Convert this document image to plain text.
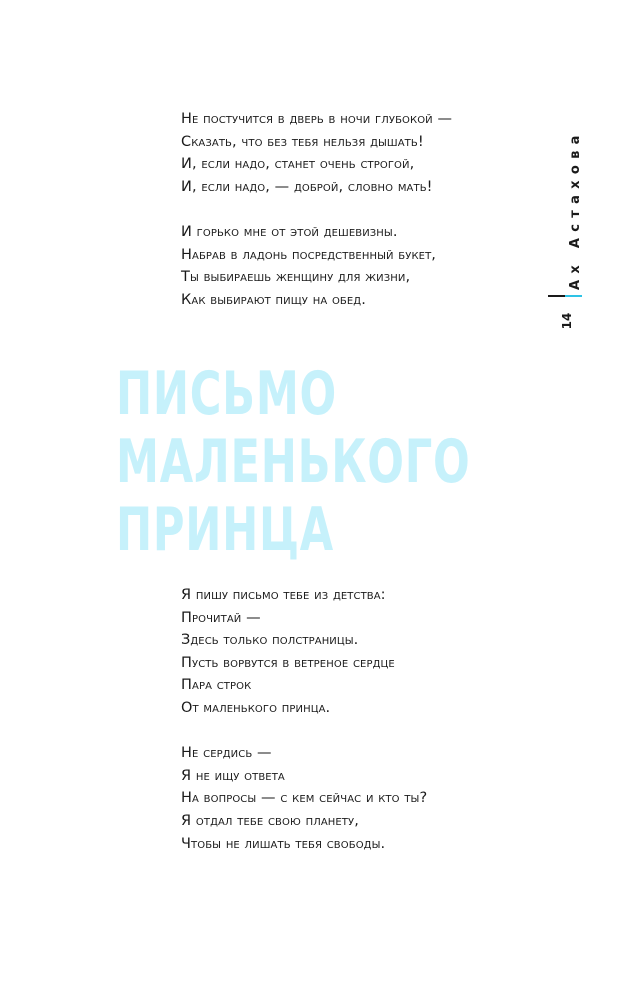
Не постучится в дверь в ночи глубокой —
Сказать, что без тебя нельзя дышать!
И, если надо, станет очень строгой,
И, если надо, — доброй, словно мать!
И горько мне от этой дешевизны.
Набрав в ладонь посредственный букет,
Ты выбираешь женщину для жизни,
Как выбирают пищу на обед.
ПИСЬМО
МАЛЕНЬКОГО
ПРИНЦА
Я пишу письмо тебе из детства:
Прочитай —
Здесь только полстраницы.
Пусть ворвутся в ветреное сердце
Пара строк
От маленького принца.
Не сердись —
Я не ищу ответа
На вопросы — с кем сейчас и кто ты?
Я отдал тебе свою планету,
Чтобы не лишать тебя свободы.
Ах Астахова
14
